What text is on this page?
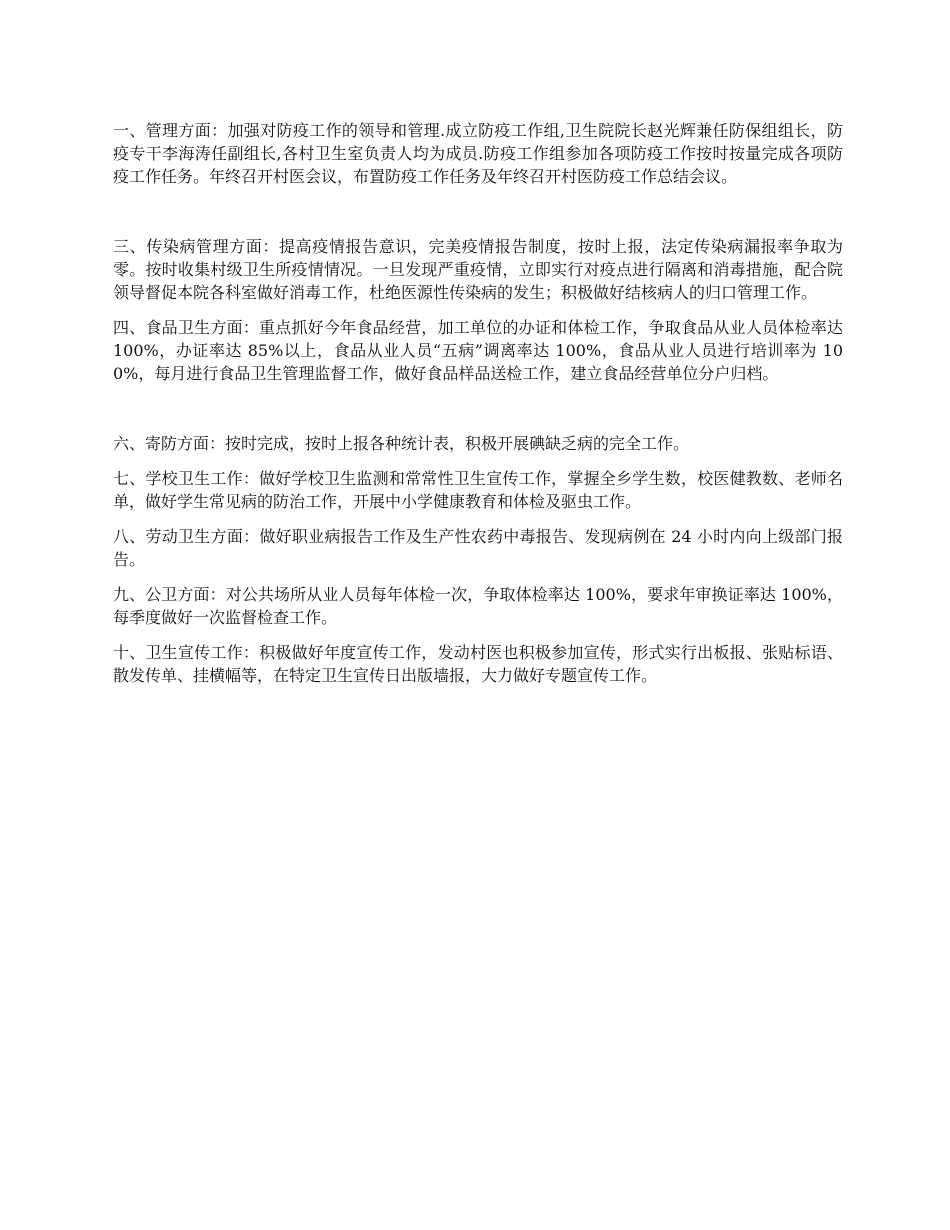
一、管理方面：加强对防疫工作的领导和管理.成立防疫工作组,卫生院院长赵光辉兼任防保组组长，防疫专干李海涛任副组长,各村卫生室负责人均为成员.防疫工作组参加各项防疫工作按时按量完成各项防疫工作任务。年终召开村医会议，布置防疫工作任务及年终召开村医防疫工作总结会议。

三、传染病管理方面：提高疫情报告意识，完美疫情报告制度，按时上报，法定传染病漏报率争取为零。按时收集村级卫生所疫情情况。一旦发现严重疫情，立即实行对疫点进行隔离和消毒措施，配合院领导督促本院各科室做好消毒工作，杜绝医源性传染病的发生；积极做好结核病人的归口管理工作。

四、食品卫生方面：重点抓好今年食品经营，加工单位的办证和体检工作，争取食品从业人员体检率达 100%，办证率达 85%以上，食品从业人员“五病”调离率达 100%，食品从业人员进行培训率为 100%，每月进行食品卫生管理监督工作，做好食品样品送检工作，建立食品经营单位分户归档。

六、寄防方面：按时完成，按时上报各种统计表，积极开展碘缺乏病的完全工作。

七、学校卫生工作：做好学校卫生监测和常常性卫生宣传工作，掌握全乡学生数，校医健教数、老师名单，做好学生常见病的防治工作，开展中小学健康教育和体检及驱虫工作。

八、劳动卫生方面：做好职业病报告工作及生产性农药中毒报告、发现病例在 24 小时内向上级部门报告。

九、公卫方面：对公共场所从业人员每年体检一次，争取体检率达 100%，要求年审换证率达 100%，每季度做好一次监督检查工作。

十、卫生宣传工作：积极做好年度宣传工作，发动村医也积极参加宣传，形式实行出板报、张贴标语、散发传单、挂横幅等，在特定卫生宣传日出版墙报，大力做好专题宣传工作。
